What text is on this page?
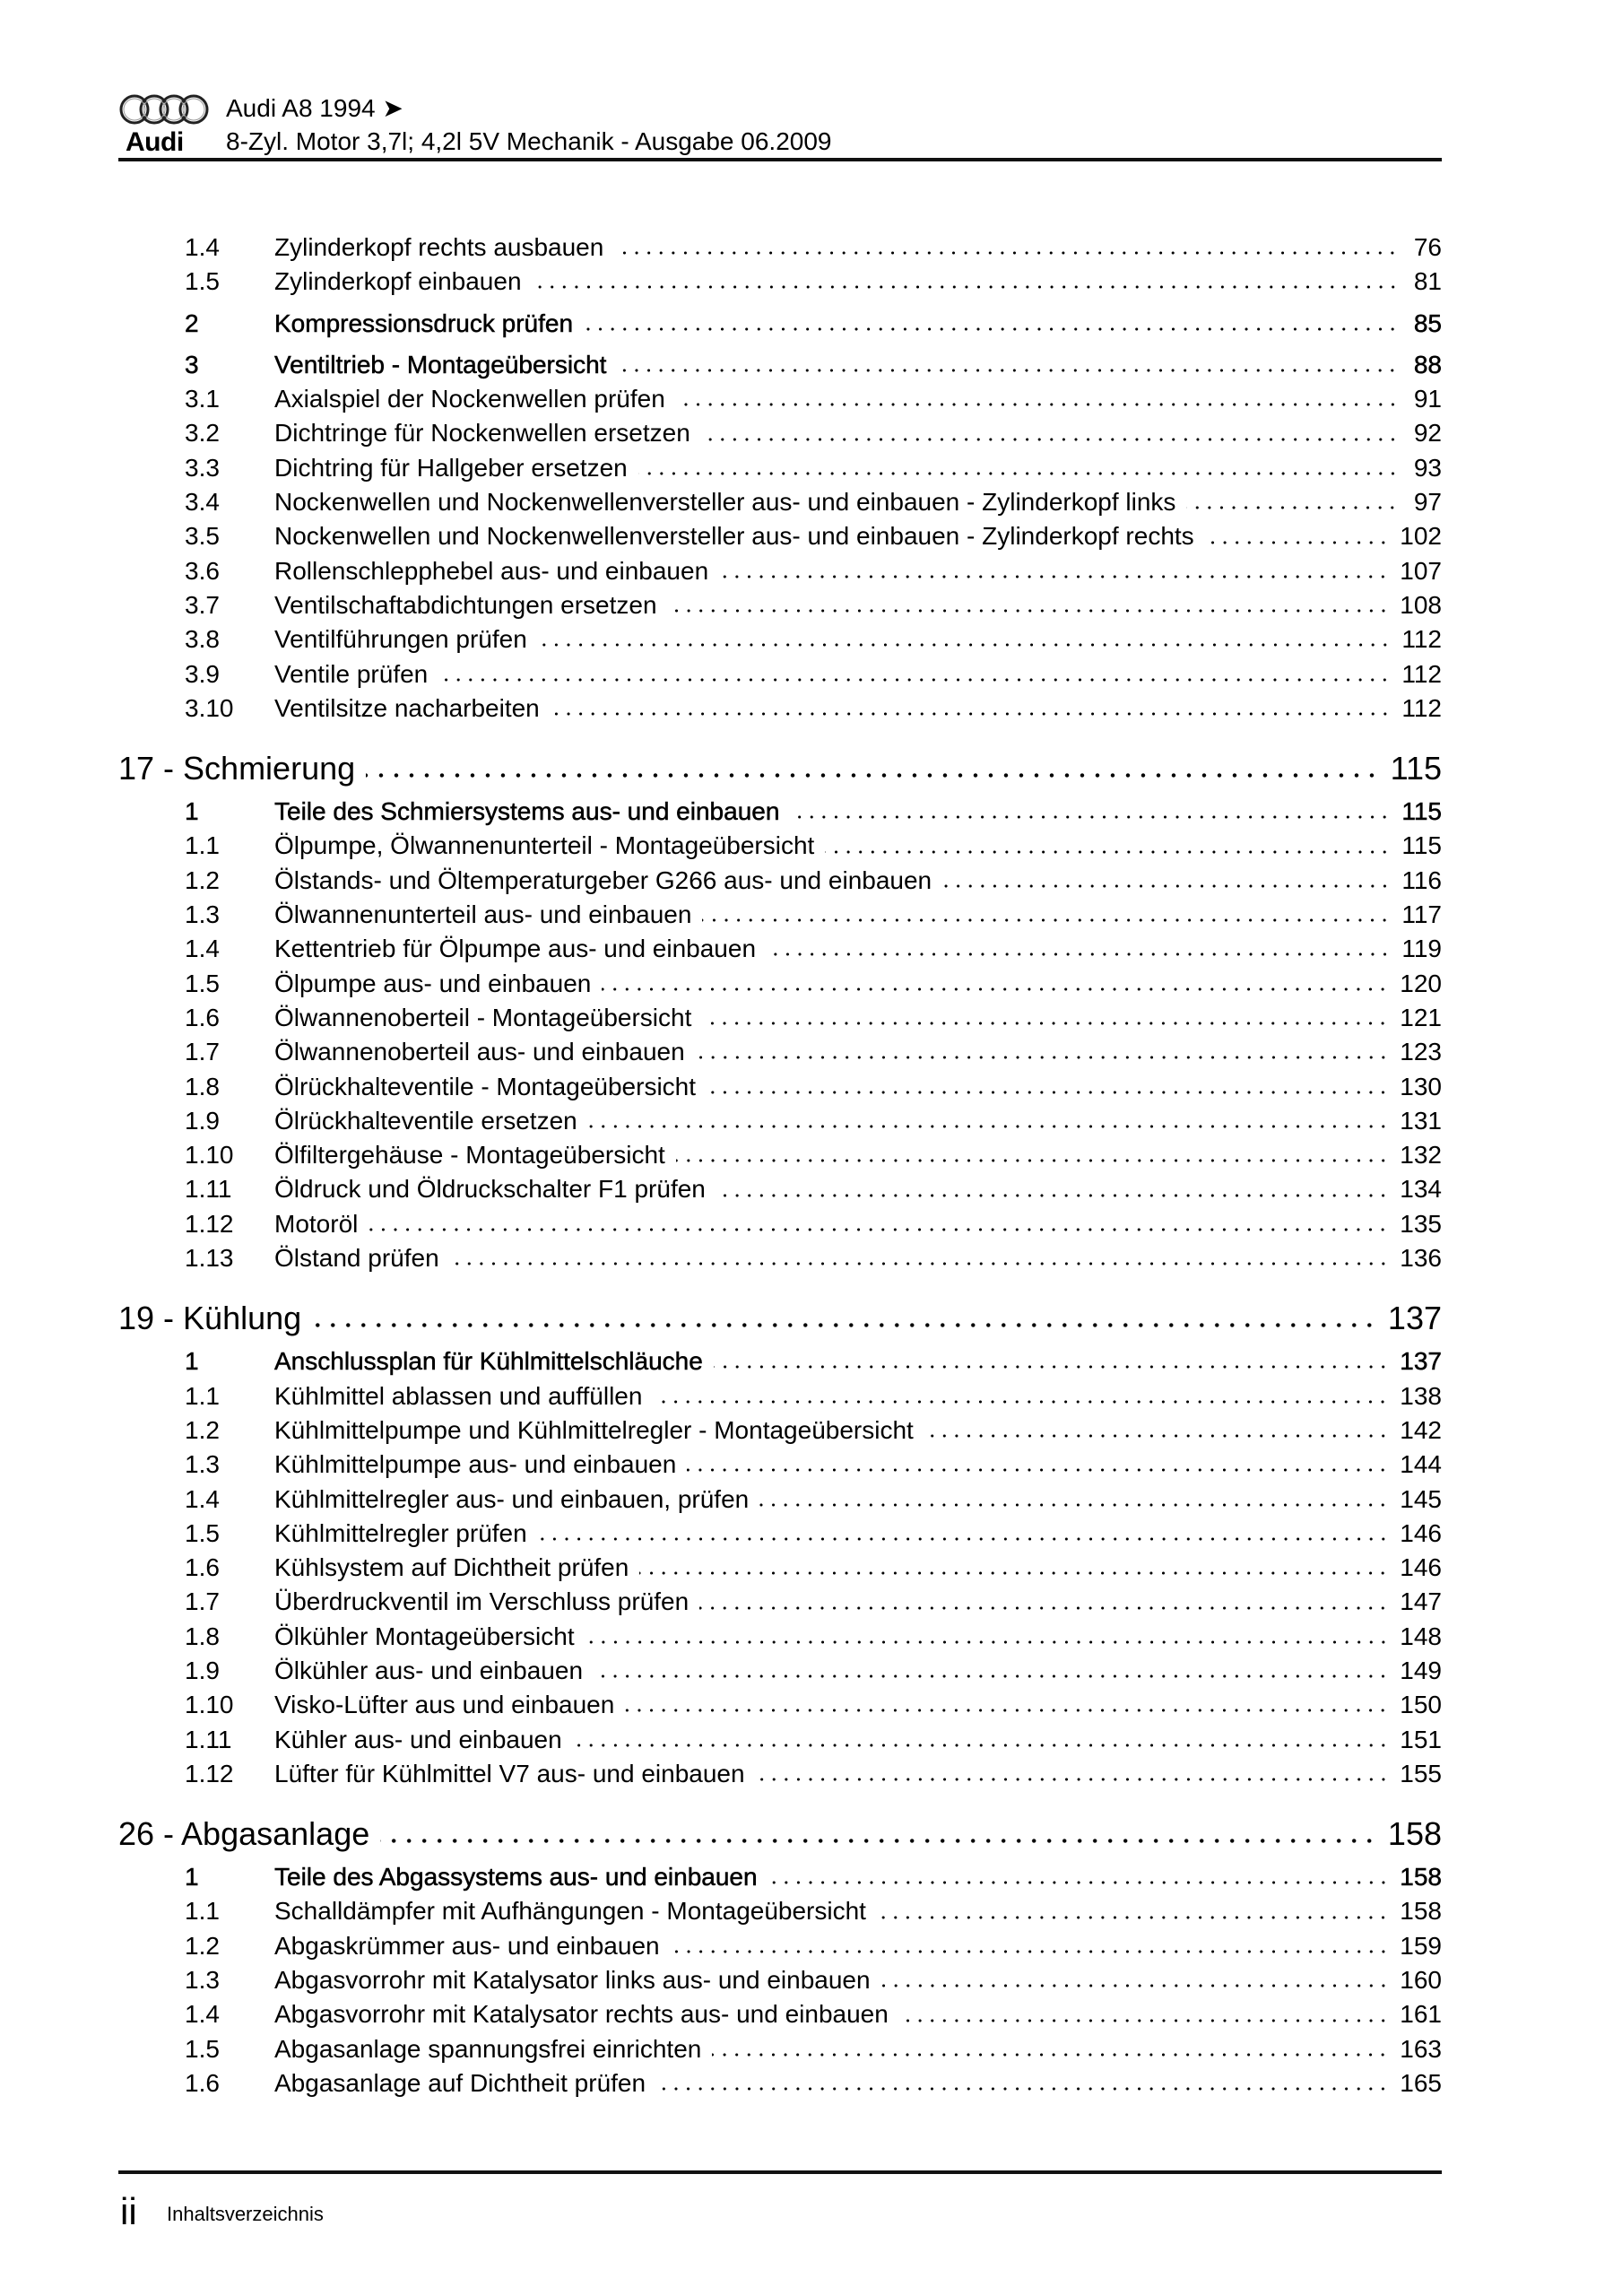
Audi
Audi A8 1994 ➤
8-Zyl. Motor 3,7l; 4,2l 5V Mechanik - Ausgabe 06.2009
1.4	Zylinderkopf rechts ausbauen	76
1.5	Zylinderkopf einbauen	81
2	Kompressionsdruck prüfen	85
3	Ventiltrieb - Montageübersicht	88
3.1	Axialspiel der Nockenwellen prüfen	91
3.2	Dichtringe für Nockenwellen ersetzen	92
3.3	Dichtring für Hallgeber ersetzen	93
3.4	Nockenwellen und Nockenwellenversteller aus- und einbauen - Zylinderkopf links	97
3.5	Nockenwellen und Nockenwellenversteller aus- und einbauen - Zylinderkopf rechts	102
3.6	Rollenschlepphebel aus- und einbauen	107
3.7	Ventilschaftabdichtungen ersetzen	108
3.8	Ventilführungen prüfen	112
3.9	Ventile prüfen	112
3.10	Ventilsitze nacharbeiten	112
17 - Schmierung	115
1	Teile des Schmiersystems aus- und einbauen	115
1.1	Ölpumpe, Ölwannenunterteil - Montageübersicht	115
1.2	Ölstands- und Öltemperaturgeber G266 aus- und einbauen	116
1.3	Ölwannenunterteil aus- und einbauen	117
1.4	Kettentrieb für Ölpumpe aus- und einbauen	119
1.5	Ölpumpe aus- und einbauen	120
1.6	Ölwannenoberteil - Montageübersicht	121
1.7	Ölwannenoberteil aus- und einbauen	123
1.8	Ölrückhalteventile - Montageübersicht	130
1.9	Ölrückhalteventile ersetzen	131
1.10	Ölfiltergehäuse - Montageübersicht	132
1.11	Öldruck und Öldruckschalter F1 prüfen	134
1.12	Motoröl	135
1.13	Ölstand prüfen	136
19 - Kühlung	137
1	Anschlussplan für Kühlmittelschläuche	137
1.1	Kühlmittel ablassen und auffüllen	138
1.2	Kühlmittelpumpe und Kühlmittelregler - Montageübersicht	142
1.3	Kühlmittelpumpe aus- und einbauen	144
1.4	Kühlmittelregler aus- und einbauen, prüfen	145
1.5	Kühlmittelregler prüfen	146
1.6	Kühlsystem auf Dichtheit prüfen	146
1.7	Überdruckventil im Verschluss prüfen	147
1.8	Ölkühler Montageübersicht	148
1.9	Ölkühler aus- und einbauen	149
1.10	Visko-Lüfter aus und einbauen	150
1.11	Kühler aus- und einbauen	151
1.12	Lüfter für Kühlmittel V7 aus- und einbauen	155
26 - Abgasanlage	158
1	Teile des Abgassystems aus- und einbauen	158
1.1	Schalldämpfer mit Aufhängungen - Montageübersicht	158
1.2	Abgaskrümmer aus- und einbauen	159
1.3	Abgasvorrohr mit Katalysator links aus- und einbauen	160
1.4	Abgasvorrohr mit Katalysator rechts aus- und einbauen	161
1.5	Abgasanlage spannungsfrei einrichten	163
1.6	Abgasanlage auf Dichtheit prüfen	165
ii Inhaltsverzeichnis
